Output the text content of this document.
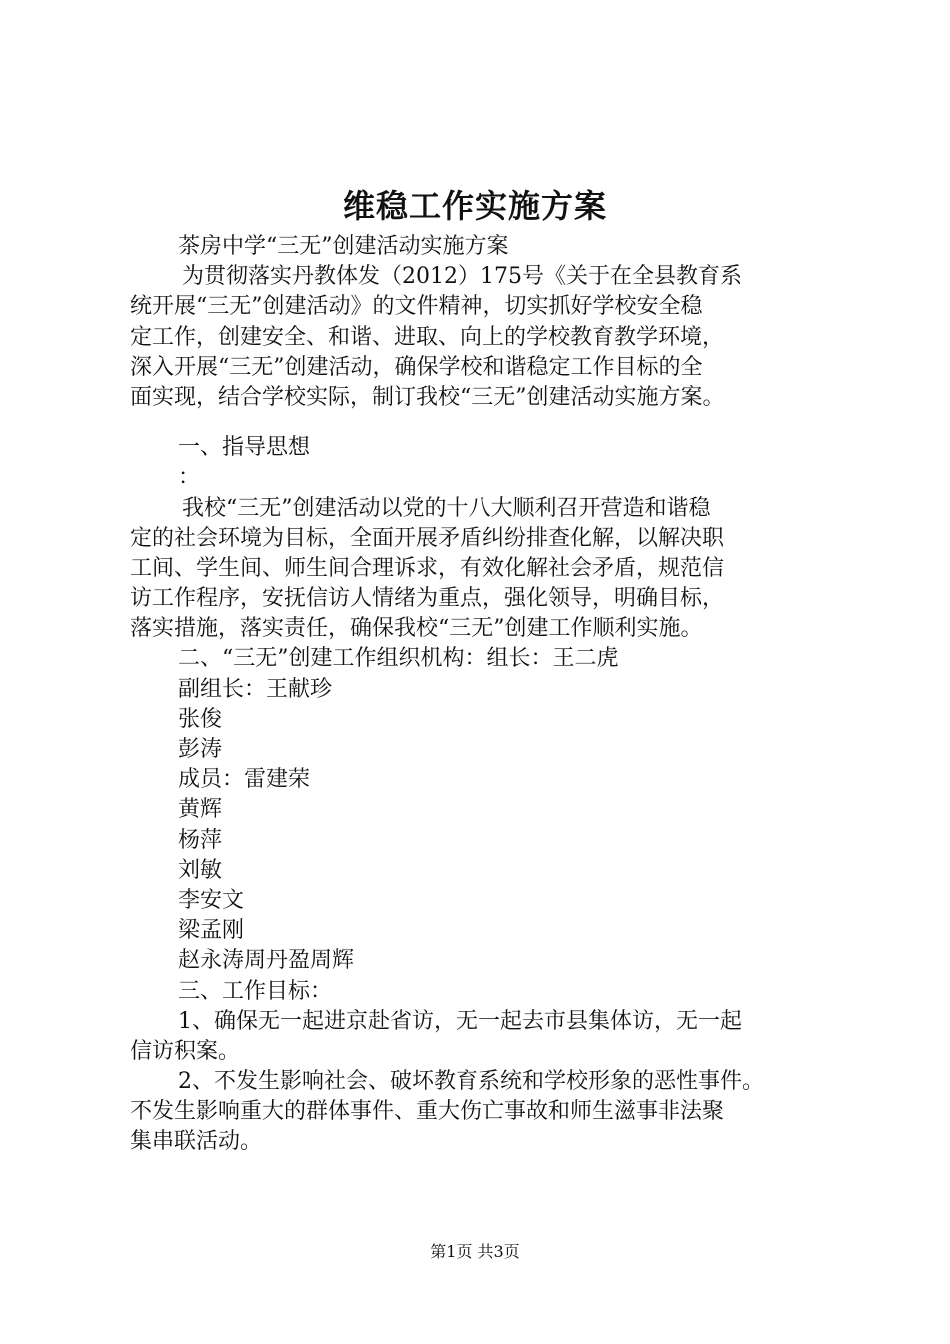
维稳工作实施方案
茶房中学“三无”创建活动实施方案
为贯彻落实丹教体发（2012）175号《关于在全县教育系
统开展“三无”创建活动》的文件精神，切实抓好学校安全稳
定工作，创建安全、和谐、进取、向上的学校教育教学环境，
深入开展“三无”创建活动，确保学校和谐稳定工作目标的全
面实现，结合学校实际，制订我校“三无”创建活动实施方案。
一、指导思想
：
我校“三无”创建活动以党的十八大顺利召开营造和谐稳
定的社会环境为目标，全面开展矛盾纠纷排查化解，以解决职
工间、学生间、师生间合理诉求，有效化解社会矛盾，规范信
访工作程序，安抚信访人情绪为重点，强化领导，明确目标，
落实措施，落实责任，确保我校“三无”创建工作顺利实施。
二、“三无”创建工作组织机构：组长：王二虎
副组长：王献珍
张俊
彭涛
成员：雷建荣
黄辉
杨萍
刘敏
李安文
梁孟刚
赵永涛周丹盈周辉
三、工作目标：
1、确保无一起进京赴省访，无一起去市县集体访，无一起
信访积案。
2、不发生影响社会、破坏教育系统和学校形象的恶性事件。
不发生影响重大的群体事件、重大伤亡事故和师生滋事非法聚
集串联活动。
第1页 共3页
